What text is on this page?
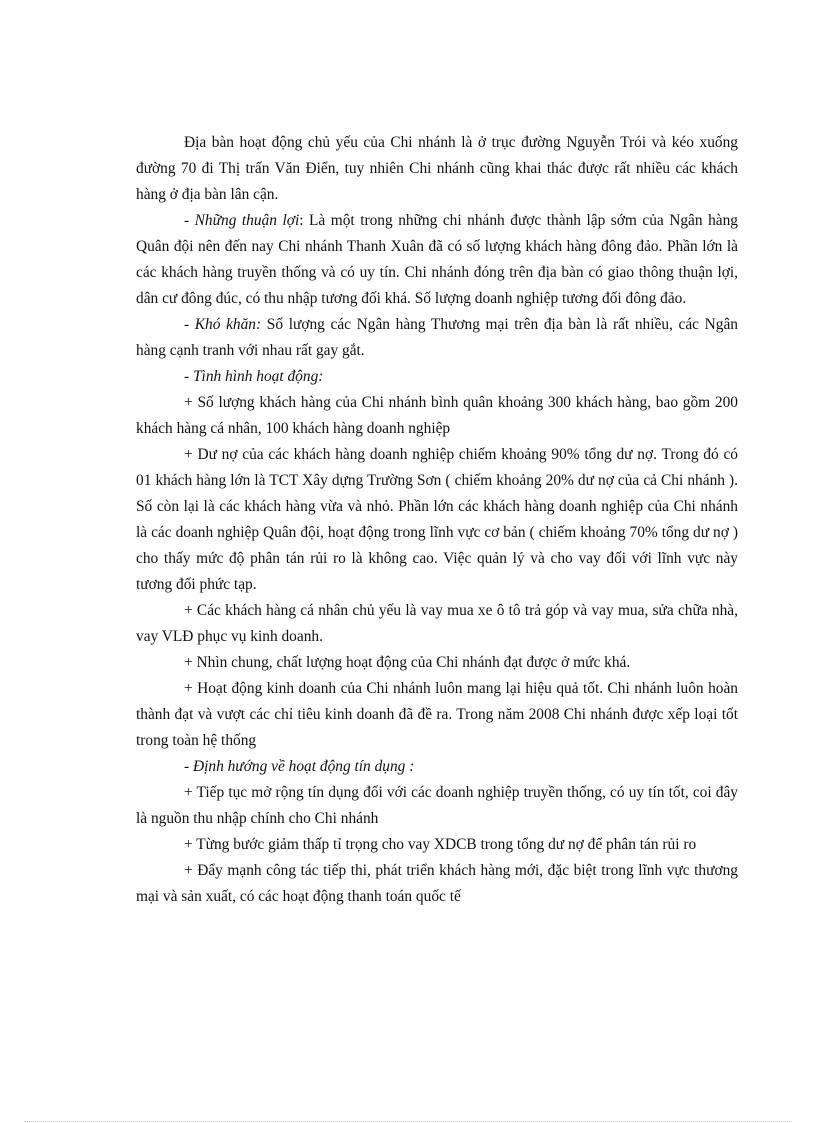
Địa bàn hoạt động chủ yếu của Chi nhánh là ở trục đường Nguyễn Trói và kéo xuống đường 70 đi Thị trấn Văn Điển, tuy nhiên Chi nhánh cũng khai thác được rất nhiều các khách hàng ở địa bàn lân cận.

- Những thuận lợi: Là một trong những chi nhánh được thành lập sớm của Ngân hàng Quân đội nên đến nay Chi nhánh Thanh Xuân đã có số lượng khách hàng đông đảo. Phần lớn là các khách hàng truyền thống và có uy tín. Chi nhánh đóng trên địa bàn có giao thông thuận lợi, dân cư đông đúc, có thu nhập tương đối khá. Số lượng doanh nghiệp tương đối đông đảo.

- Khó khăn: Số lượng các Ngân hàng Thương mại trên địa bàn là rất nhiều, các Ngân hàng cạnh tranh với nhau rất gay gắt.

- Tình hình hoạt động:

+ Số lượng khách hàng của Chi nhánh bình quân khoảng 300 khách hàng, bao gồm 200 khách hàng cá nhân, 100 khách hàng doanh nghiệp

+ Dư nợ của các khách hàng doanh nghiệp chiếm khoảng 90% tổng dư nợ. Trong đó có 01 khách hàng lớn là TCT Xây dựng Trường Sơn ( chiếm khoảng 20% dư nợ của cả Chi nhánh ). Số còn lại là các khách hàng vừa và nhỏ. Phần lớn các khách hàng doanh nghiệp của Chi nhánh là các doanh nghiệp Quân đội, hoạt động trong lĩnh vực cơ bản ( chiếm khoảng 70% tổng dư nợ ) cho thấy mức độ phân tán rủi ro là không cao. Việc quản lý và cho vay đối với lĩnh vực này tương đối phức tạp.

+ Các khách hàng cá nhân chủ yếu là vay mua xe ô tô trả góp và vay mua, sửa chữa nhà, vay VLĐ phục vụ kinh doanh.

+ Nhìn chung, chất lượng hoạt động của Chi nhánh đạt được ở mức khá.

+ Hoạt động kinh doanh của Chi nhánh luôn mang lại hiệu quả tốt. Chi nhánh luôn hoàn thành đạt và vượt các chỉ tiêu kinh doanh đã đề ra. Trong năm 2008 Chi nhánh được xếp loại tốt trong toàn hệ thống

- Định hướng về hoạt động tín dụng :

+ Tiếp tục mở rộng tín dụng đối với các doanh nghiệp truyền thống, có uy tín tốt, coi đây là nguồn thu nhập chính cho Chi nhánh

+ Từng bước giảm thấp tỉ trọng cho vay XDCB trong tổng dư nợ để phân tán rủi ro

+ Đẩy mạnh công tác tiếp thi, phát triển khách hàng mới, đặc biệt trong lĩnh vực thương mại và sản xuất, có các hoạt động thanh toán quốc tế
